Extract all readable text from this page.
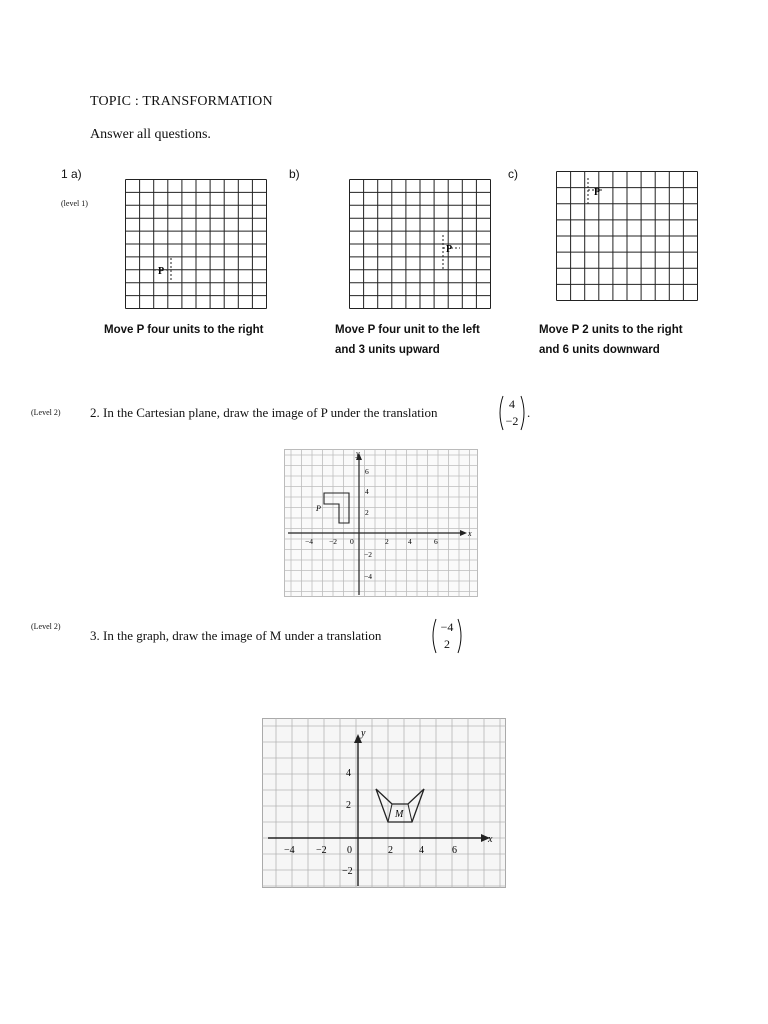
TOPIC : TRANSFORMATION
Answer all questions.
1 a)
(level 1)
b)	c)
P
Move P four units to the right
P
Move P four unit to the left
and 3 units upward
P
Move P 2 units to the right
and 6 units downward
(Level 2) 2. In the Cartesian plane, draw the image of P under the translation
4
−2
.
x
y
−4 −2 0	2	4	6
6
4
2
−2
−4
P
(Level 2)
3. In the graph, draw the image of M under a translation
−4
2
x
y
−4 −2 0	2	4	6
4
2
−2
M
